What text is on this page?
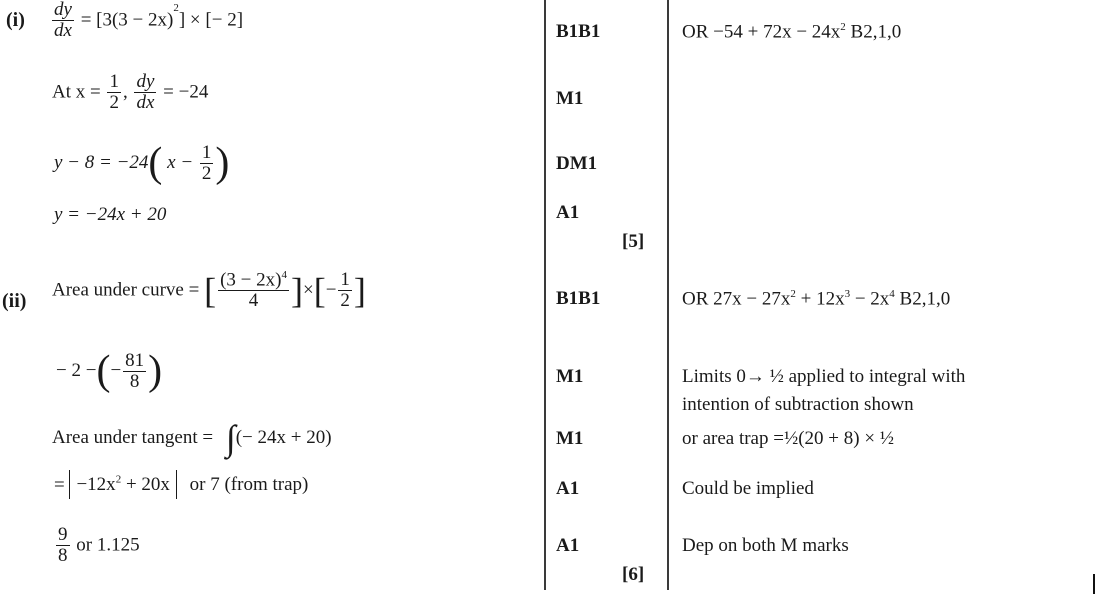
$(i) \frac{dy}{dx} = [3(3 - 2x)^2]$ × [− 2]
At $x = \frac{1}{2}$ , $\frac{dy}{dx} = -24$
y − 8 = −24( $x - \frac{1}{2}$ )
y = −24x + 20
B1B1
M1
DM1
A1
[5]
OR $-54 + 72x - 24x^2$ B2,1,0
(ii) Area under curve = [ $\frac{(3 - 2x)^4}{4}$ ]×[− $\frac{1}{2}$ ]
− 2 −(− $\frac{81}{8}$ )
Area under tangent = ∫(− 24x + 20)
= $-12x^2 + 20x$ or 7 (from trap)
$\frac{9}{8}$ or 1.125
B1B1
M1
M1
A1
A1
[6]
OR $27x - 27x^2 + 12x^3 - 2x^4$ B2,1,0
Limits 0→ ½ applied to integral with
intention of subtraction shown
or area trap =½(20 + 8) × ½
Could be implied
Dep on both M marks
